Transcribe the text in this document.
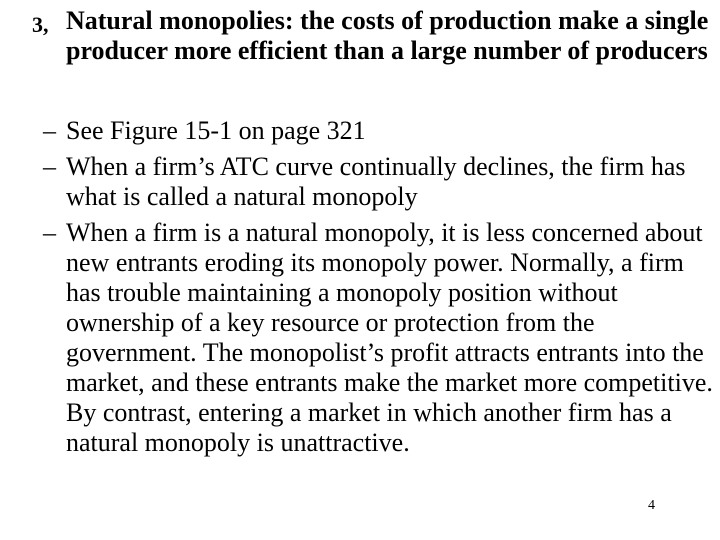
3, Natural monopolies: the costs of production make a single producer more efficient than a large number of producers
– See Figure 15-1 on page 321
– When a firm’s ATC curve continually declines, the firm has what is called a natural monopoly
– When a firm is a natural monopoly, it is less concerned about new entrants eroding its monopoly power. Normally, a firm has trouble maintaining a monopoly position without ownership of a key resource or protection from the government. The monopolist’s profit attracts entrants into the market, and these entrants make the market more competitive. By contrast, entering a market in which another firm has a natural monopoly is unattractive.
4
